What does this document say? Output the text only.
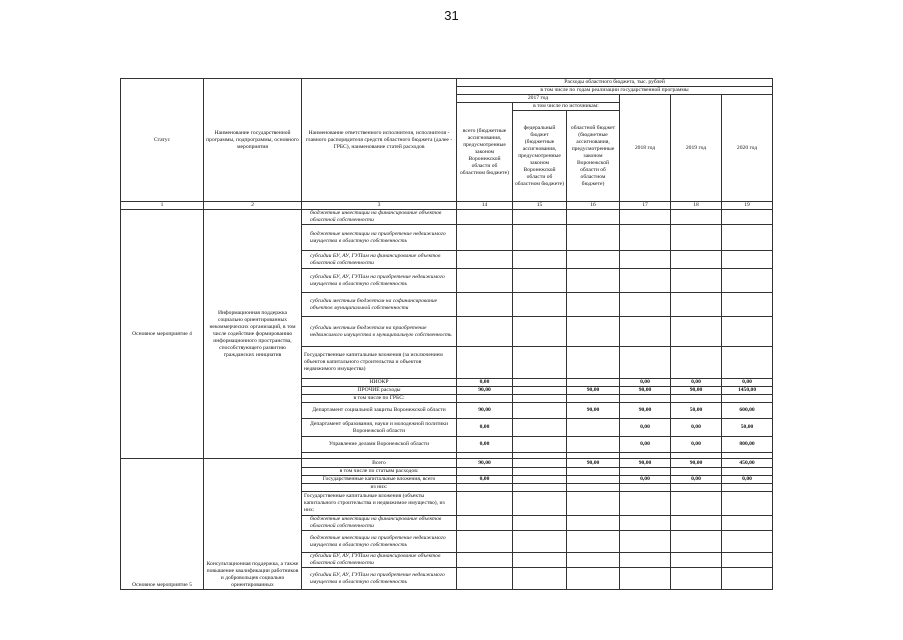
31
Статус	Наименование государственной программы, подпрограммы, основного мероприятия	Наименование ответственного исполнителя, исполнителя - главного распорядителя средств областного бюджета (далее - ГРБС), наименование статей расходов	Расходы областного бюджета, тыс. рублей					
			в том числе по годам реализации государственной программы					
			2017 год			2018 год	2019 год	2020 год
			всего (бюджетные ассигнования, предусмотренные законом Воронежской области об областном бюджете)	в том числе по источникам:				
				федеральный бюджет (бюджетные ассигнования, предусмотренные законом Воронежской области об областном бюджете)	областной бюджет (бюджетные ассигнования, предусмотренные законом Воронежской области об областном бюджете)			
1	2	3	14	15	16	17	18	19
Основное мероприятие 4	Информационная поддержка социально ориентированных некоммерческих организаций, в том числе содействие формированию информационного пространства, способствующего развитию гражданских инициатив	бюджетные инвестиции на финансирование объектов областной собственности						
		бюджетные инвестиции на приобретение недвижимого имущества в областную собственность						
		субсидии БУ, АУ, ГУПам на финансирование объектов областной собственности						
		субсидии БУ, АУ, ГУПам на приобретение недвижимого имущества в областную собственность						
		субсидии местным бюджетам на софинансирование объектов муниципальной собственности						
		субсидии местным бюджетам на приобретение недвижимого имущества в муниципальную собственность						
		Государственные капитальные вложения (за исключением объектов капитального строительства и объектов недвижимого имущества)						
		НИОКР	0,00			0,00	0,00	0,00
		ПРОЧИЕ расходы	90,00		90,00	90,00	90,00	1450,00
		в том числе по ГРБС:						
		Департамент социальной защиты Воронежской области	90,00		90,00	90,00	50,00	600,00
		Департамент образования, науки и молодежной политики Воронежской области	0,00			0,00	0,00	50,00
		Управление делами Воронежской области	0,00			0,00	0,00	800,00

Основное мероприятие 5	Консультационная поддержка, а также повышение квалификации работников и добровольцев социально ориентированных	Всего	90,00		90,00	90,00	90,00	450,00
		в том числе по статьям расходов:						
		Государственные капитальные вложения, всего	0,00			0,00	0,00	0,00
		из них:						
		Государственные капитальные вложения (объекты капитального строительства и недвижимое имущество), из них:						
		бюджетные инвестиции на финансирование объектов областной собственности						
		бюджетные инвестиции на приобретение недвижимого имущества в областную собственность						
		субсидии БУ, АУ, ГУПам на финансирование объектов областной собственности						
		субсидии БУ, АУ, ГУПам на приобретение недвижимого имущества в областную собственность						
